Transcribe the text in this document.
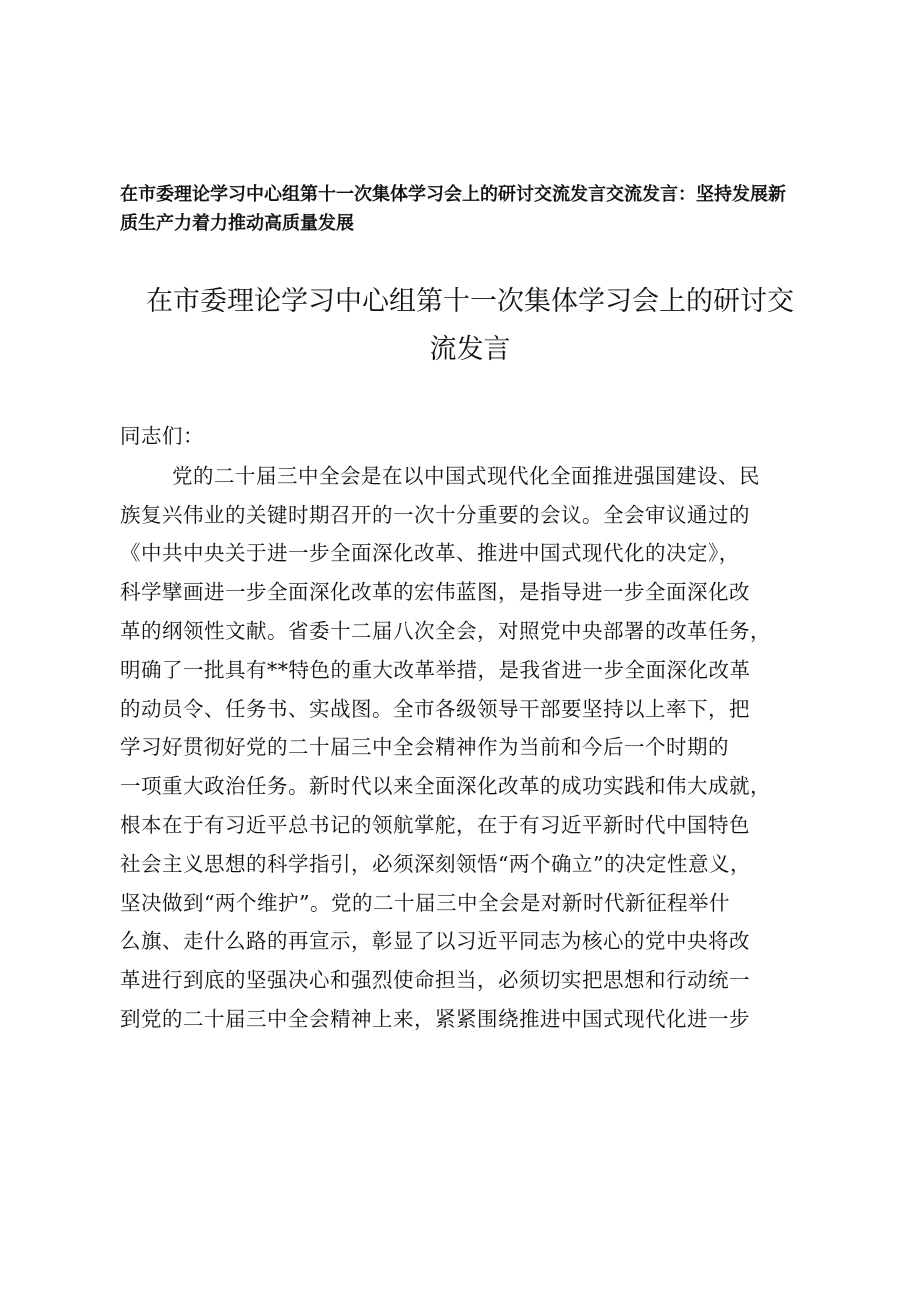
在市委理论学习中心组第十一次集体学习会上的研讨交流发言交流发言：坚持发展新
质生产力着力推动高质量发展
在市委理论学习中心组第十一次集体学习会上的研讨交
流发言
同志们：
党的二十届三中全会是在以中国式现代化全面推进强国建设、民
族复兴伟业的关键时期召开的一次十分重要的会议。全会审议通过的
《中共中央关于进一步全面深化改革、推进中国式现代化的决定》，
科学擘画进一步全面深化改革的宏伟蓝图，是指导进一步全面深化改
革的纲领性文献。省委十二届八次全会，对照党中央部署的改革任务，
明确了一批具有**特色的重大改革举措，是我省进一步全面深化改革
的动员令、任务书、实战图。全市各级领导干部要坚持以上率下，把
学习好贯彻好党的二十届三中全会精神作为当前和今后一个时期的
一项重大政治任务。新时代以来全面深化改革的成功实践和伟大成就，
根本在于有习近平总书记的领航掌舵，在于有习近平新时代中国特色
社会主义思想的科学指引，必须深刻领悟“两个确立”的决定性意义，
坚决做到“两个维护”。党的二十届三中全会是对新时代新征程举什
么旗、走什么路的再宣示，彰显了以习近平同志为核心的党中央将改
革进行到底的坚强决心和强烈使命担当，必须切实把思想和行动统一
到党的二十届三中全会精神上来，紧紧围绕推进中国式现代化进一步
